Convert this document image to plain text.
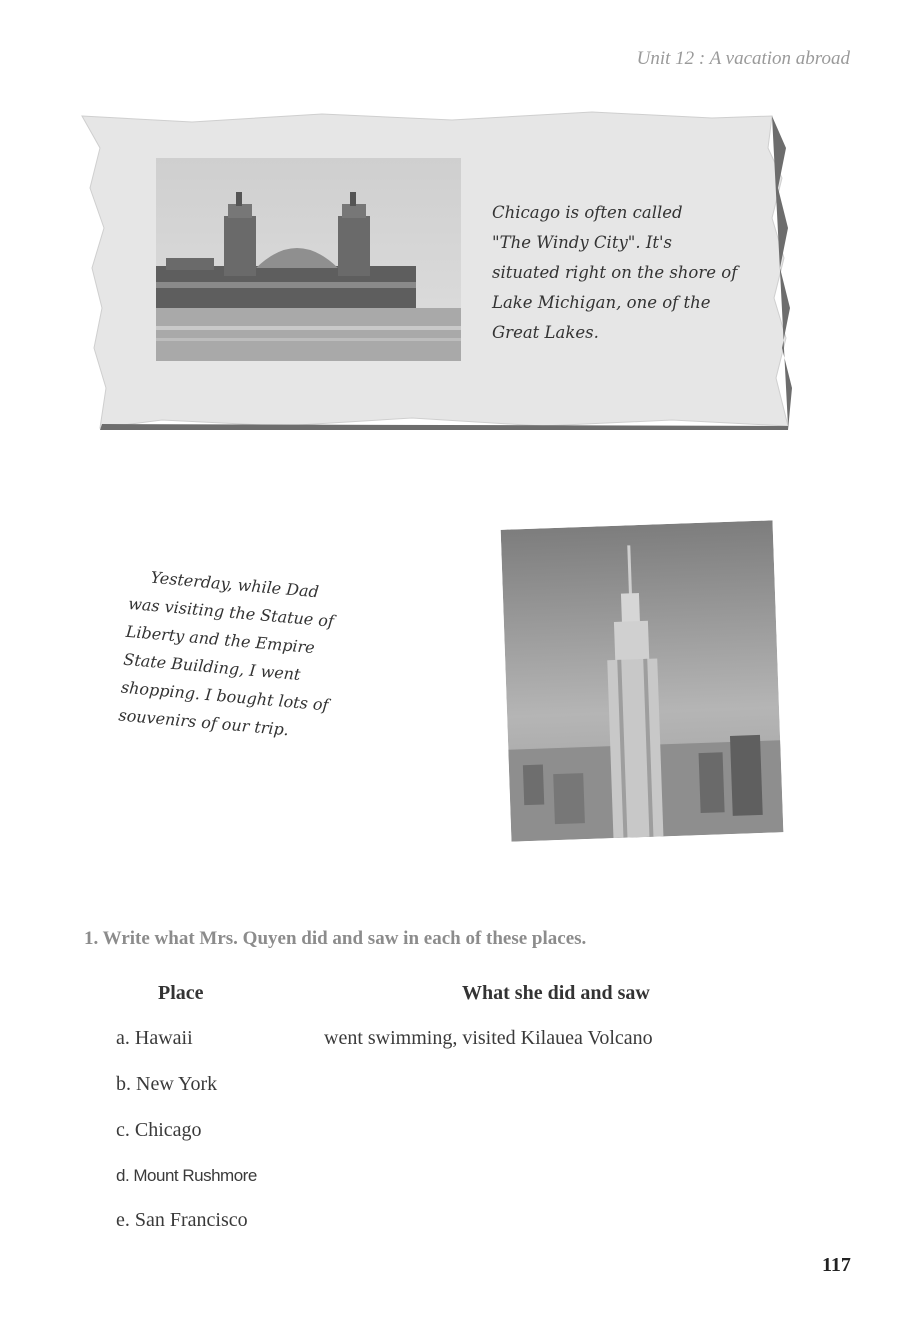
Unit 12 : A vacation abroad
Chicago is often called
"The Windy City". It's
situated right on the shore of
Lake Michigan, one of the
Great Lakes.
Yesterday, while Dad
was visiting the Statue of
Liberty and the Empire
State Building, I went
shopping. I bought lots of
souvenirs of our trip.
1. Write what Mrs. Quyen did and saw in each of these places.
Place	What she did and saw
a. Hawaii	went swimming, visited Kilauea Volcano
b. New York
c. Chicago
d. Mount Rushmore
e. San Francisco
117
